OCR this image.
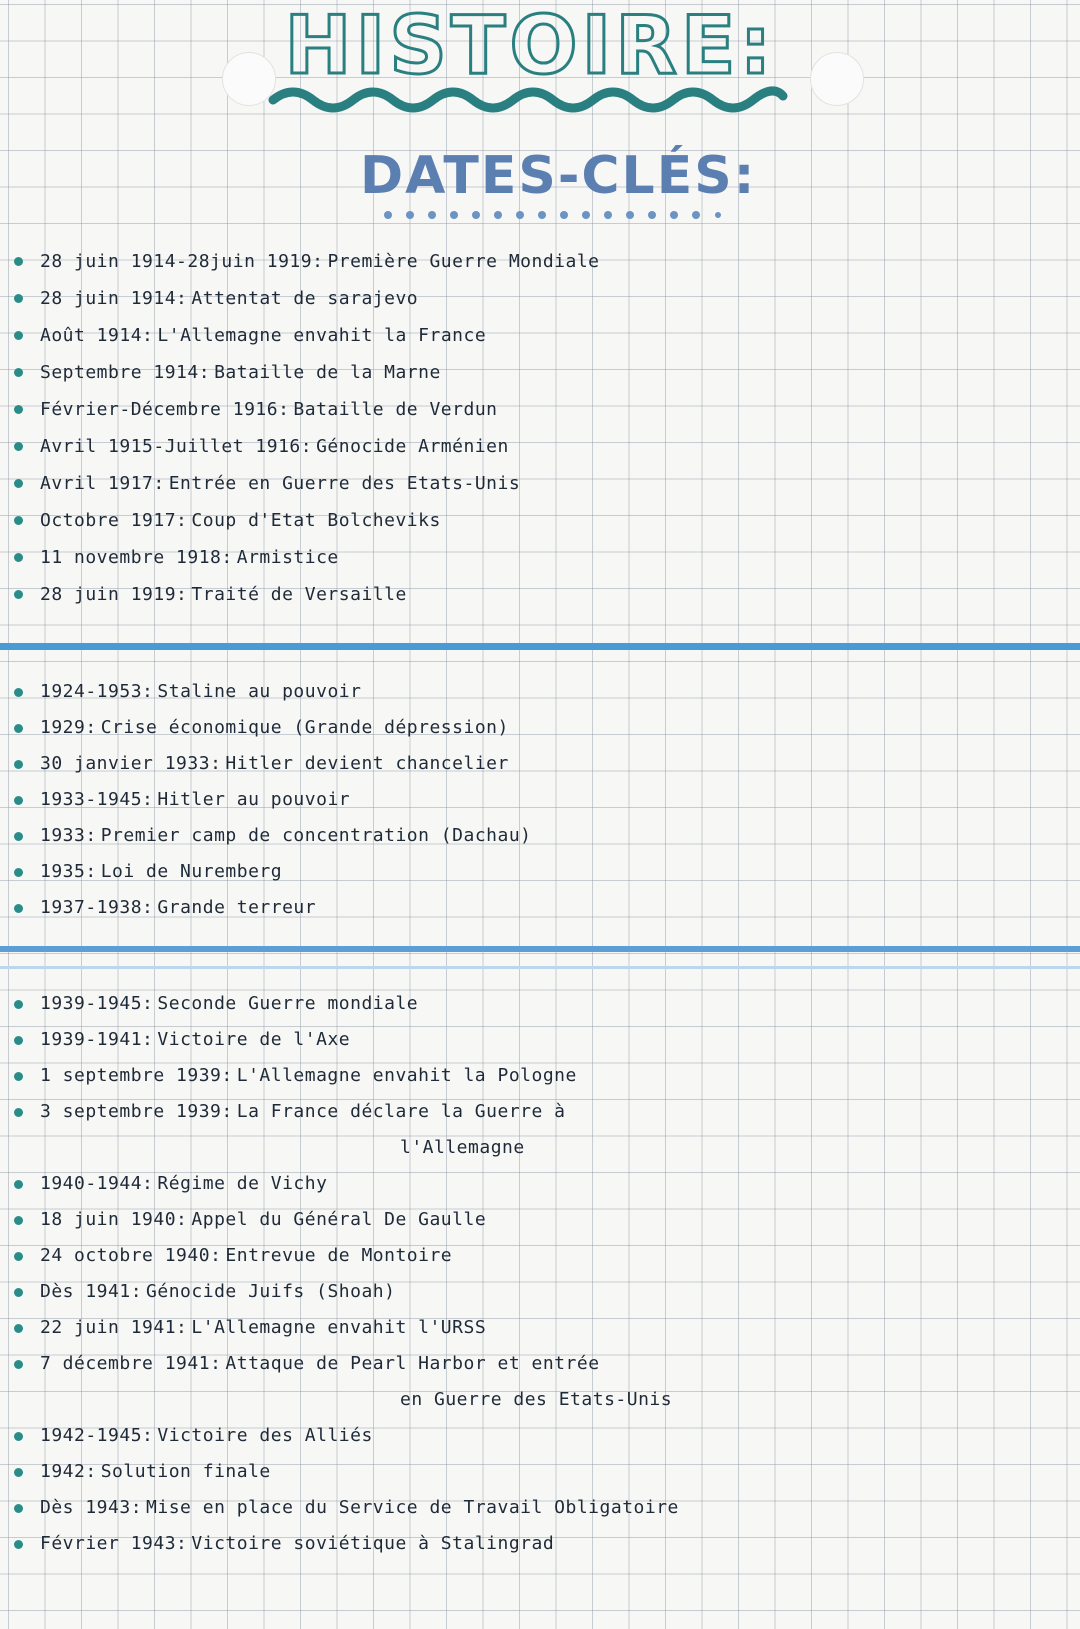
HISTOIRE:
DATES-CLÉS:
28 juin 1914-28juin 1919 : Première Guerre Mondiale
28 juin 1914 : Attentat de sarajevo
Août 1914 : L'Allemagne envahit la France
Septembre 1914 : Bataille de la Marne
Février-Décembre 1916 : Bataille de Verdun
Avril 1915-Juillet 1916 : Génocide Arménien
Avril 1917 : Entrée en Guerre des Etats-Unis
Octobre 1917 : Coup d'Etat Bolcheviks
11 novembre 1918 : Armistice
28 juin 1919 : Traité de Versaille
1924-1953 : Staline au pouvoir
1929 : Crise économique (Grande dépression)
30 janvier 1933 : Hitler devient chancelier
1933-1945 : Hitler au pouvoir
1933 : Premier camp de concentration (Dachau)
1935 : Loi de Nuremberg
1937-1938 : Grande terreur
1939-1945 : Seconde Guerre mondiale
1939-1941 : Victoire de l'Axe
1 septembre 1939 : L'Allemagne envahit la Pologne
3 septembre 1939 : La France déclare la Guerre à
l'Allemagne
1940-1944 : Régime de Vichy
18 juin 1940 : Appel du Général De Gaulle
24 octobre 1940 : Entrevue de Montoire
Dès 1941 : Génocide Juifs (Shoah)
22 juin 1941 : L'Allemagne envahit l'URSS
7 décembre 1941 : Attaque de Pearl Harbor et entrée
en Guerre des Etats-Unis
1942-1945 : Victoire des Alliés
1942 : Solution finale
Dès 1943 : Mise en place du Service de Travail Obligatoire
Février 1943 : Victoire soviétique à Stalingrad
